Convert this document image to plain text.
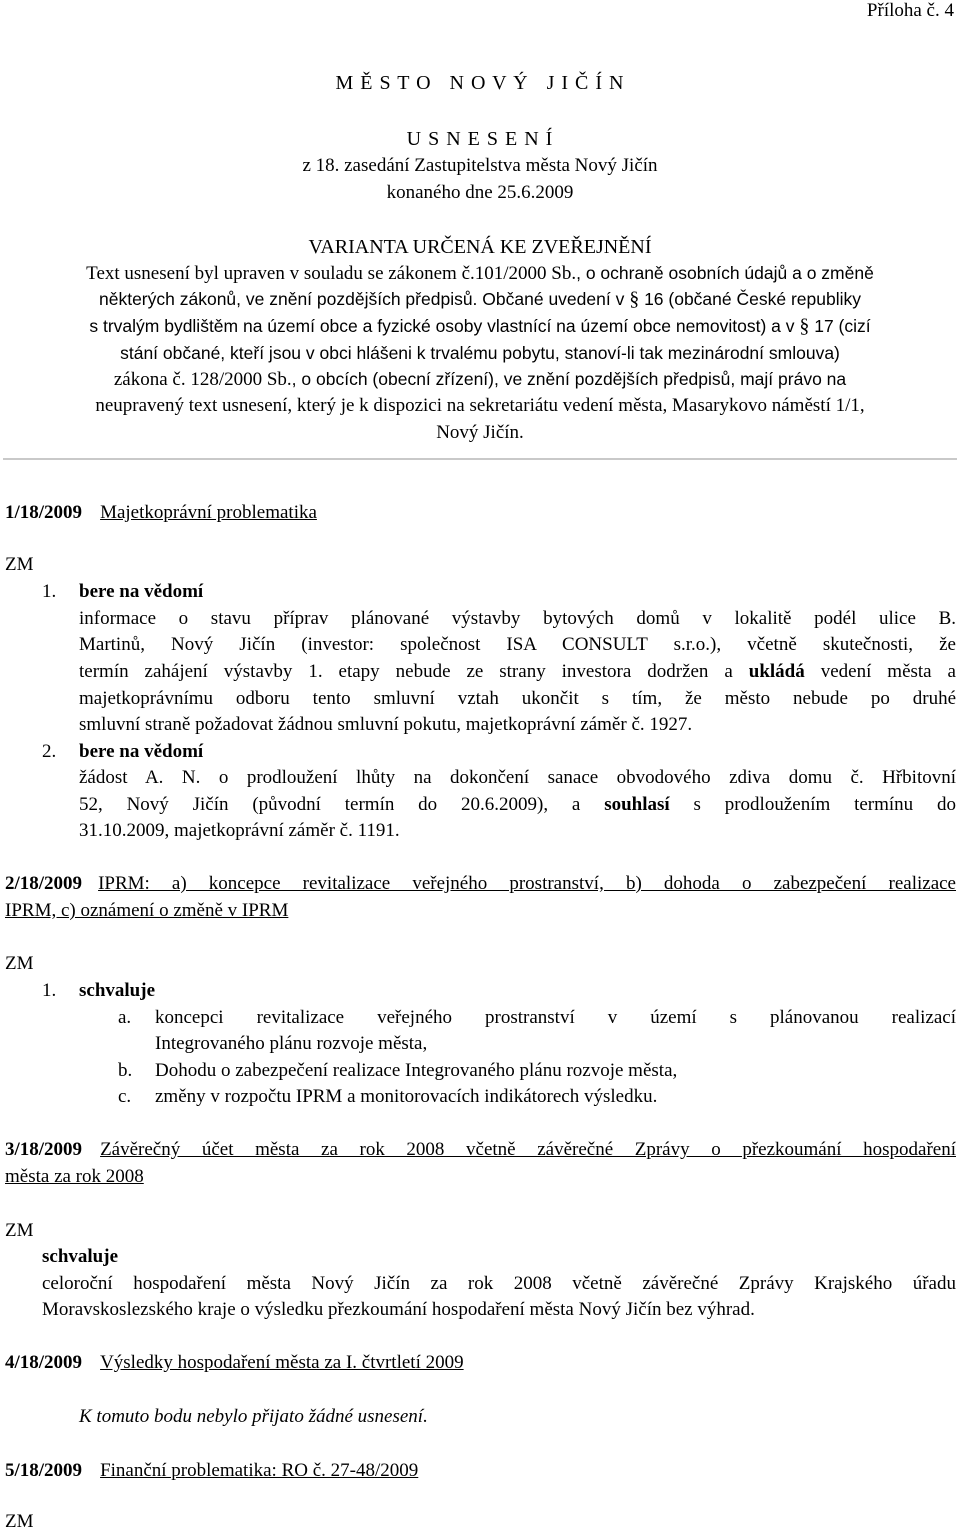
Příloha č. 4
M Ě S T O   N O V Ý   J I Č Í N
U S N E S E N Í
z 18. zasedání Zastupitelstva města Nový Jičín
konaného dne 25.6.2009
VARIANTA URČENÁ KE ZVEŘEJNĚNÍ
Text usnesení byl upraven v souladu se zákonem č.101/2000 Sb., o ochraně osobních údajů a o změně
některých zákonů, ve znění pozdějších předpisů. Občané uvedení v § 16 (občané České republiky
s trvalým bydlištěm na území obce a fyzické osoby vlastnící na území obce nemovitost) a v § 17 (cizí
stání občané, kteří jsou v obci hlášeni k trvalému pobytu, stanoví-li tak mezinárodní smlouva)
zákona č. 128/2000 Sb., o obcích (obecní zřízení), ve znění pozdějších předpisů, mají právo na
neupravený text usnesení, který je k dispozici na sekretariátu vedení města, Masarykovo náměstí 1/1,
Nový Jičín.
1/18/2009 Majetkoprávní problematika
ZM
1. bere na vědomí
informace o stavu příprav plánované výstavby bytových domů v lokalitě podél ulice B.
Martinů, Nový Jičín (investor: společnost ISA CONSULT s.r.o.), včetně skutečnosti, že
termín zahájení výstavby 1. etapy nebude ze strany investora dodržen a ukládá vedení města a
majetkoprávnímu odboru tento smluvní vztah ukončit s tím, že město nebude po druhé
smluvní straně požadovat žádnou smluvní pokutu, majetkoprávní záměr č. 1927.
2. bere na vědomí
žádost A. N. o prodloužení lhůty na dokončení sanace obvodového zdiva domu č. Hřbitovní
52, Nový Jičín (původní termín do 20.6.2009), a souhlasí s prodloužením termínu do
31.10.2009, majetkoprávní záměr č. 1191.
2/18/2009 IPRM: a) koncepce revitalizace veřejného prostranství, b) dohoda o zabezpečení realizace
IPRM, c) oznámení o změně v IPRM
ZM
1. schvaluje
a. koncepci revitalizace veřejného prostranství v území s plánovanou realizací
Integrovaného plánu rozvoje města,
b. Dohodu o zabezpečení realizace Integrovaného plánu rozvoje města,
c. změny v rozpočtu IPRM a monitorovacích indikátorech výsledku.
3/18/2009 Závěrečný účet města za rok 2008 včetně závěrečné Zprávy o přezkoumání hospodaření
města za rok 2008
ZM
schvaluje
celoroční hospodaření města Nový Jičín za rok 2008 včetně závěrečné Zprávy Krajského úřadu
Moravskoslezského kraje o výsledku přezkoumání hospodaření města Nový Jičín bez výhrad.
4/18/2009 Výsledky hospodaření města za I. čtvrtletí 2009
K tomuto bodu nebylo přijato žádné usnesení.
5/18/2009 Finanční problematika: RO č. 27-48/2009
ZM
